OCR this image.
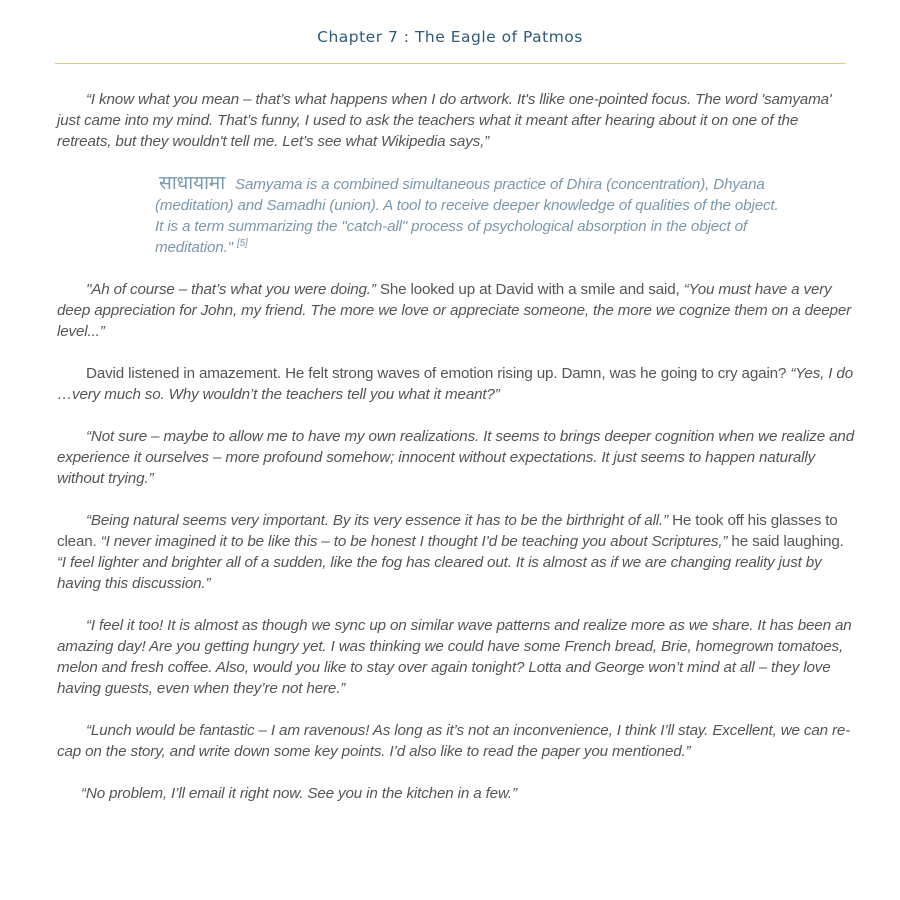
Chapter 7 : The Eagle of Patmos

“I know what you mean – that’s what happens when I do artwork. It's llike one-pointed focus. The word 'samyama' just came into my mind. That’s funny, I used to ask the teachers what it meant after hearing about it on one of the retreats, but they wouldn't tell me. Let’s see what Wikipedia says,”

साधायामा Samyama is a combined simultaneous practice of Dhira (concentration), Dhyana (meditation) and Samadhi (union). A tool to receive deeper knowledge of qualities of the object. It is a term summarizing the "catch-all" process of psychological absorption in the object of meditation." [5]

"Ah of course – that’s what you were doing.” She looked up at David with a smile and said, “You must have a very deep appreciation for John, my friend. The more we love or appreciate someone, the more we cognize them on a deeper level...”

David listened in amazement. He felt strong waves of emotion rising up. Damn, was he going to cry again? “Yes, I do …very much so. Why wouldn’t the teachers tell you what it meant?”

“Not sure – maybe to allow me to have my own realizations. It seems to brings deeper cognition when we realize and experience it ourselves – more profound somehow; innocent without expectations. It just seems to happen naturally without trying.”

“Being natural seems very important. By its very essence it has to be the birthright of all.” He took off his glasses to clean. “I never imagined it to be like this – to be honest I thought I’d be teaching you about Scriptures,” he said laughing. “I feel lighter and brighter all of a sudden, like the fog has cleared out. It is almost as if we are changing reality just by having this discussion.”

“I feel it too! It is almost as though we sync up on similar wave patterns and realize more as we share. It has been an amazing day! Are you getting hungry yet. I was thinking we could have some French bread, Brie, homegrown tomatoes, melon and fresh coffee. Also, would you like to stay over again tonight? Lotta and George won’t mind at all – they love having guests, even when they’re not here.”

“Lunch would be fantastic – I am ravenous! As long as it’s not an inconvenience, I think I’ll stay. Excellent, we can re-cap on the story, and write down some key points. I’d also like to read the paper you mentioned.”

“No problem, I’ll email it right now. See you in the kitchen in a few.”
